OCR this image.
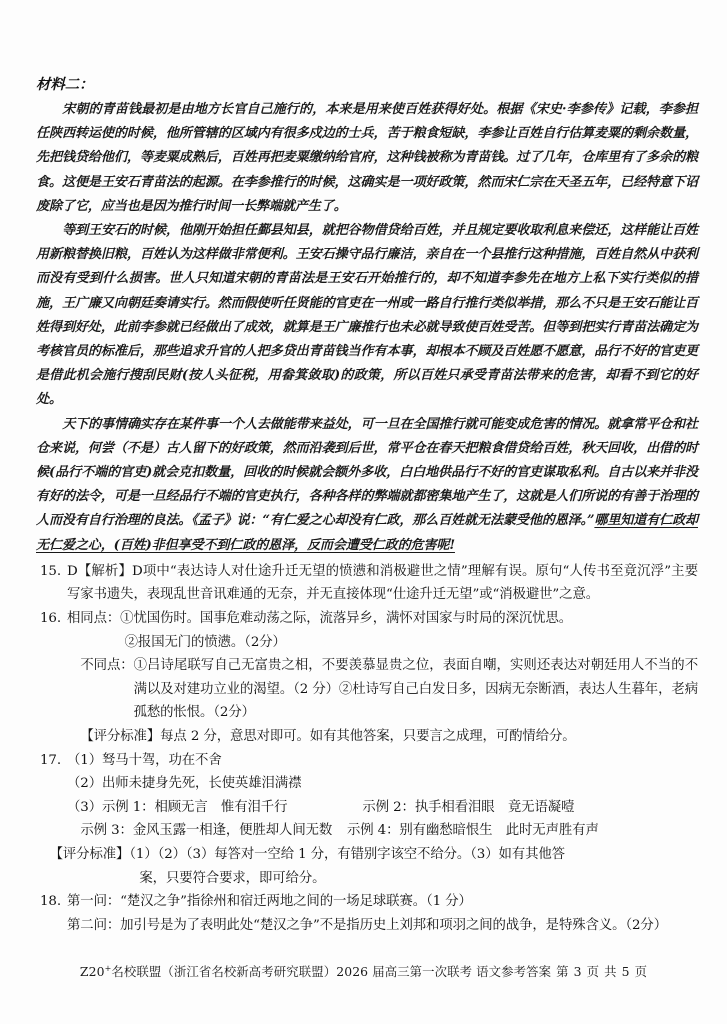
材料二：

宋朝的青苗钱最初是由地方长官自己施行的，本来是用来使百姓获得好处。根据《宋史·李参传》记载，李参担任陕西转运使的时候，他所管辖的区域内有很多戍边的士兵，苦于粮食短缺，李参让百姓自行估算麦粟的剩余数量，先把钱贷给他们，等麦粟成熟后，百姓再把麦粟缴纳给官府，这种钱被称为青苗钱。过了几年，仓库里有了多余的粮食。这便是王安石青苗法的起源。在李参推行的时候，这确实是一项好政策，然而宋仁宗在天圣五年，已经特意下诏废除了它，应当也是因为推行时间一长弊端就产生了。

等到王安石的时候，他刚开始担任鄞县知县，就把谷物借贷给百姓，并且规定要收取利息来偿还，这样能让百姓用新粮替换旧粮，百姓认为这样做非常便利。王安石操守品行廉洁，亲自在一个县推行这种措施，百姓自然从中获利而没有受到什么损害。世人只知道宋朝的青苗法是王安石开始推行的，却不知道李参先在地方上私下实行类似的措施，王广廉又向朝廷奏请实行。然而假使听任贤能的官吏在一州或一路自行推行类似举措，那么不只是王安石能让百姓得到好处，此前李参就已经做出了成效，就算是王广廉推行也未必就导致使百姓受苦。但等到把实行青苗法确定为考核官员的标准后，那些追求升官的人把多贷出青苗钱当作有本事，却根本不顾及百姓愿不愿意，品行不好的官吏更是借此机会施行搜刮民财(按人头征税，用畚箕敛取)的政策，所以百姓只承受青苗法带来的危害，却看不到它的好处。

天下的事情确实存在某件事一个人去做能带来益处，可一旦在全国推行就可能变成危害的情况。就拿常平仓和社仓来说，何尝（不是）古人留下的好政策，然而沿袭到后世，常平仓在春天把粮食借贷给百姓，秋天回收，出借的时候(品行不端的官吏)就会克扣数量，回收的时候就会额外多收，白白地供品行不好的官吏谋取私利。自古以来并非没有好的法令，可是一旦经品行不端的官吏执行，各种各样的弊端就都密集地产生了，这就是人们所说的有善于治理的人而没有自行治理的良法。《孟子》说：“有仁爱之心却没有仁政，那么百姓就无法蒙受他的恩泽。”哪里知道有仁政却无仁爱之心，(百姓)非但享受不到仁政的恩泽，反而会遭受仁政的危害呢!

15. D【解析】D项中“表达诗人对仕途升迁无望的愤懑和消极避世之情”理解有误。原句“人传书至竟沉浮”主要写家书遗失，表现乱世音讯难通的无奈，并无直接体现“仕途升迁无望”或“消极避世”之意。
16. 相同点： ①忧国伤时。国事危难动荡之际，流落异乡，满怀对国家与时局的深沉忧思。
②报国无门的愤懑。（2分）
不同点： ①吕诗尾联写自己无富贵之相，不要羡慕显贵之位，表面自嘲，实则还表达对朝廷用人不当的不满以及对建功立业的渴望。（2 分）②杜诗写自己白发日多，因病无奈断酒，表达人生暮年，老病孤愁的怅恨。（2分）
【评分标准】每点 2 分，意思对即可。如有其他答案，只要言之成理，可酌情给分。
17. （1）驽马十驾，功在不舍
（2）出师未捷身先死，长使英雄泪满襟
（3）示例 1：相顾无言　惟有泪千行	示例 2：执手相看泪眼　竟无语凝噎
示例 3：金风玉露一相逢，便胜却人间无数 示例 4：别有幽愁暗恨生　此时无声胜有声
【评分标准】（1）（2）（3）每答对一空给 1 分，有错别字该空不给分。（3）如有其他答
案，只要符合要求，即可给分。
18. 第一问：“楚汉之争”指徐州和宿迁两地之间的一场足球联赛。（1 分）
第二问：加引号是为了表明此处“楚汉之争”不是指历史上刘邦和项羽之间的战争，是特殊含义。（2分）
Z20+名校联盟（浙江省名校新高考研究联盟）2026 届高三第一次联考 语文参考答案 第 3 页 共 5 页
